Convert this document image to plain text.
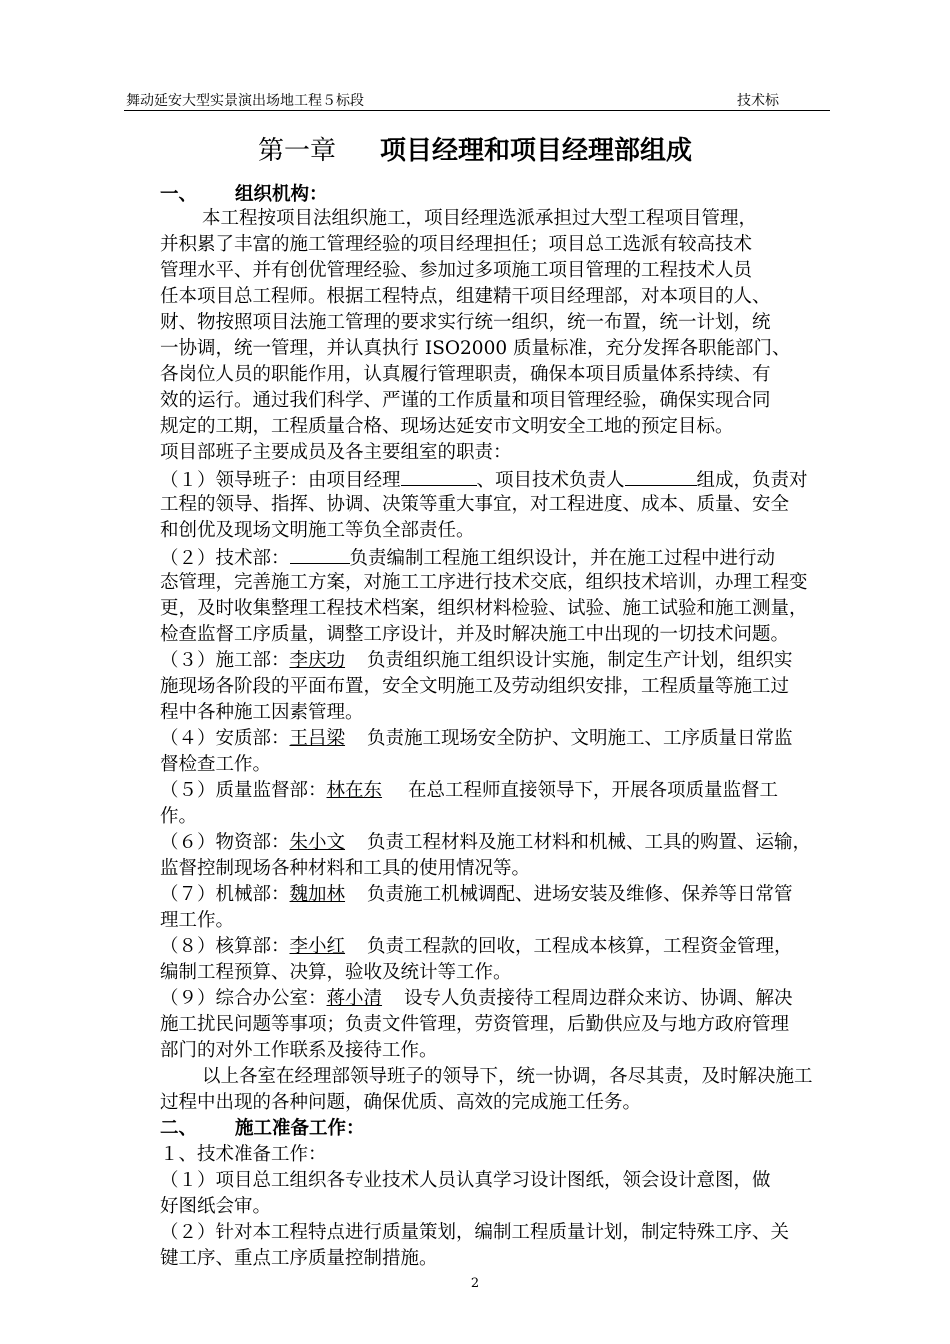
舞动延安大型实景演出场地工程５标段	技术标
第一章 项目经理和项目经理部组成
一、 组织机构：
本工程按项目法组织施工，项目经理选派承担过大型工程项目管理，
并积累了丰富的施工管理经验的项目经理担任；项目总工选派有较高技术
管理水平、并有创优管理经验、参加过多项施工项目管理的工程技术人员
任本项目总工程师。根据工程特点，组建精干项目经理部，对本项目的人、
财、物按照项目法施工管理的要求实行统一组织，统一布置，统一计划，统
一协调，统一管理，并认真执行 ISO2000 质量标准，充分发挥各职能部门、
各岗位人员的职能作用，认真履行管理职责，确保本项目质量体系持续、有
效的运行。通过我们科学、严谨的工作质量和项目管理经验，确保实现合同
规定的工期，工程质量合格、现场达延安市文明安全工地的预定目标。
项目部班子主要成员及各主要组室的职责：
（１）领导班子：由项目经理	、项目技术负责人	组成，负责对
工程的领导、指挥、协调、决策等重大事宜，对工程进度、成本、质量、安全
和创优及现场文明施工等负全部责任。
（２）技术部：	负责编制工程施工组织设计，并在施工过程中进行动
态管理，完善施工方案，对施工工序进行技术交底，组织技术培训，办理工程变
更，及时收集整理工程技术档案，组织材料检验、试验、施工试验和施工测量，
检查监督工序质量，调整工序设计，并及时解决施工中出现的一切技术问题。
（３）施工部：李庆功 负责组织施工组织设计实施，制定生产计划，组织实
施现场各阶段的平面布置，安全文明施工及劳动组织安排，工程质量等施工过
程中各种施工因素管理。
（４）安质部：王吕梁 负责施工现场安全防护、文明施工、工序质量日常监
督检查工作。
（５）质量监督部：林在东 在总工程师直接领导下，开展各项质量监督工
作。
（６）物资部：朱小文 负责工程材料及施工材料和机械、工具的购置、运输，
监督控制现场各种材料和工具的使用情况等。
（７）机械部：魏加林 负责施工机械调配、进场安装及维修、保养等日常管
理工作。
（８）核算部：李小红 负责工程款的回收，工程成本核算，工程资金管理，
编制工程预算、决算，验收及统计等工作。
（９）综合办公室：蒋小清 设专人负责接待工程周边群众来访、协调、解决
施工扰民问题等事项；负责文件管理，劳资管理，后勤供应及与地方政府管理
部门的对外工作联系及接待工作。
以上各室在经理部领导班子的领导下，统一协调，各尽其责，及时解决施工
过程中出现的各种问题，确保优质、高效的完成施工任务。
二、 施工准备工作：
１、技术准备工作：
（１）项目总工组织各专业技术人员认真学习设计图纸，领会设计意图，做
好图纸会审。
（２）针对本工程特点进行质量策划，编制工程质量计划，制定特殊工序、关
键工序、重点工序质量控制措施。
2
